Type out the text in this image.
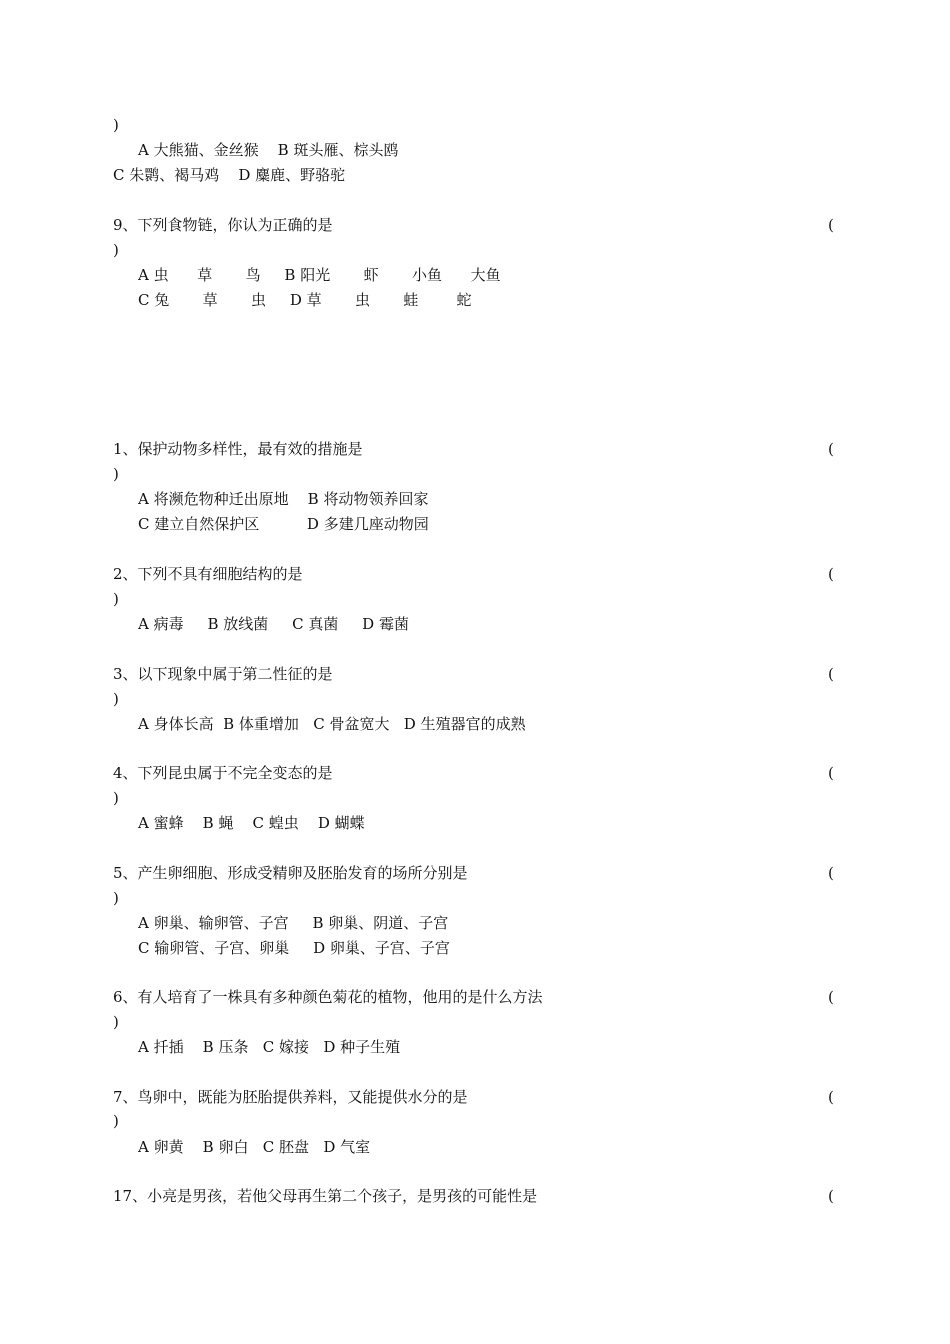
)
A 大熊猫、金丝猴    B 斑头雁、棕头鸥
C 朱鹮、褐马鸡    D 麋鹿、野骆驼
9、下列食物链，你认为正确的是	(
)
A 虫      草       鸟     B 阳光       虾       小鱼      大鱼
C 兔       草       虫     D 草       虫       蛙        蛇
1、保护动物多样性，最有效的措施是	(
)
A 将濒危物种迁出原地    B 将动物领养回家
C 建立自然保护区          D 多建几座动物园
2、下列不具有细胞结构的是	(
)
A 病毒     B 放线菌     C 真菌     D 霉菌
3、以下现象中属于第二性征的是	(
)
A 身体长高  B 体重增加   C 骨盆宽大   D 生殖器官的成熟
4、下列昆虫属于不完全变态的是	(
)
A 蜜蜂    B 蝇    C 蝗虫    D 蝴蝶
5、产生卵细胞、形成受精卵及胚胎发育的场所分别是	(
)
A 卵巢、输卵管、子宫     B 卵巢、阴道、子宫
C 输卵管、子宫、卵巢     D 卵巢、子宫、子宫
6、有人培育了一株具有多种颜色菊花的植物，他用的是什么方法	(
)
A 扦插    B 压条   C 嫁接   D 种子生殖
7、鸟卵中，既能为胚胎提供养料，又能提供水分的是	(
)
A 卵黄    B 卵白   C 胚盘   D 气室
17、小亮是男孩，若他父母再生第二个孩子，是男孩的可能性是	(
